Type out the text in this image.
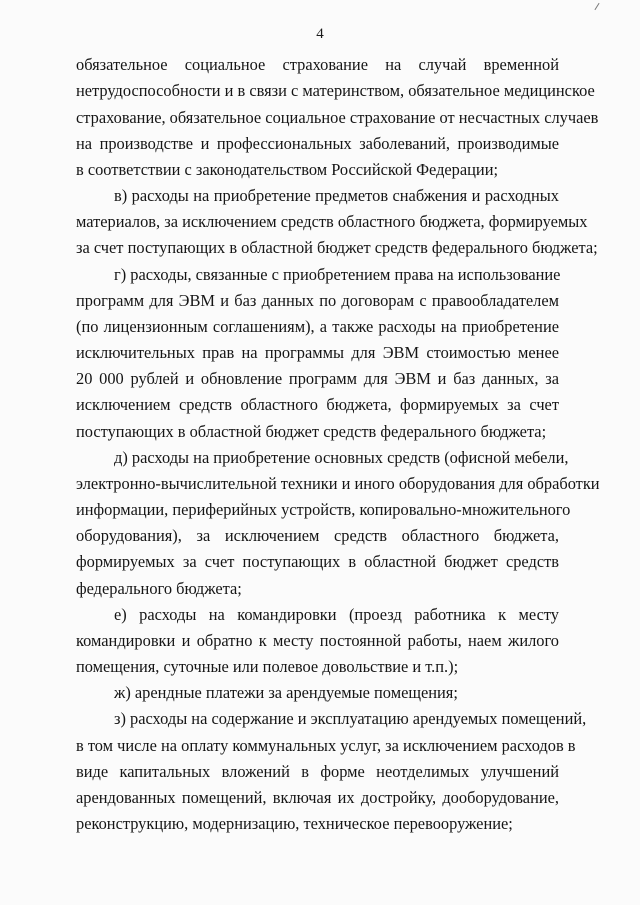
4
обязательное социальное страхование на случай временной
нетрудоспособности и в связи с материнством, обязательное медицинское
страхование, обязательное социальное страхование от несчастных случаев
на производстве и профессиональных заболеваний, производимые
в соответствии с законодательством Российской Федерации;
в) расходы на приобретение предметов снабжения и расходных
материалов, за исключением средств областного бюджета, формируемых
за счет поступающих в областной бюджет средств федерального бюджета;
г) расходы, связанные с приобретением права на использование
программ для ЭВМ и баз данных по договорам с правообладателем
(по лицензионным соглашениям), а также расходы на приобретение
исключительных прав на программы для ЭВМ стоимостью менее
20 000 рублей и обновление программ для ЭВМ и баз данных, за
исключением средств областного бюджета, формируемых за счет
поступающих в областной бюджет средств федерального бюджета;
д) расходы на приобретение основных средств (офисной мебели,
электронно-вычислительной техники и иного оборудования для обработки
информации, периферийных устройств, копировально-множительного
оборудования), за исключением средств областного бюджета,
формируемых за счет поступающих в областной бюджет средств
федерального бюджета;
е) расходы на командировки (проезд работника к месту
командировки и обратно к месту постоянной работы, наем жилого
помещения, суточные или полевое довольствие и т.п.);
ж) арендные платежи за арендуемые помещения;
з) расходы на содержание и эксплуатацию арендуемых помещений,
в том числе на оплату коммунальных услуг, за исключением расходов в
виде капитальных вложений в форме неотделимых улучшений
арендованных помещений, включая их достройку, дооборудование,
реконструкцию, модернизацию, техническое перевооружение;
